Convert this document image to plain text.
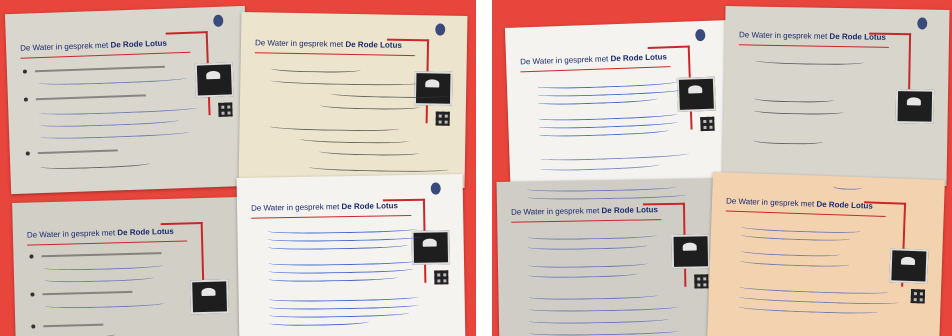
De Water in gesprek met De Rode Lotus	De Water in gesprek met De Rode Lotus
De Water in gesprek met De Rode Lotus
De Water in gesprek met De Rode Lotus
De Water in gesprek met De Rode Lotus
De Water in gesprek met De Rode Lotus
De Water in gesprek met De Rode Lotus
De Water in gesprek met De Rode Lotus
